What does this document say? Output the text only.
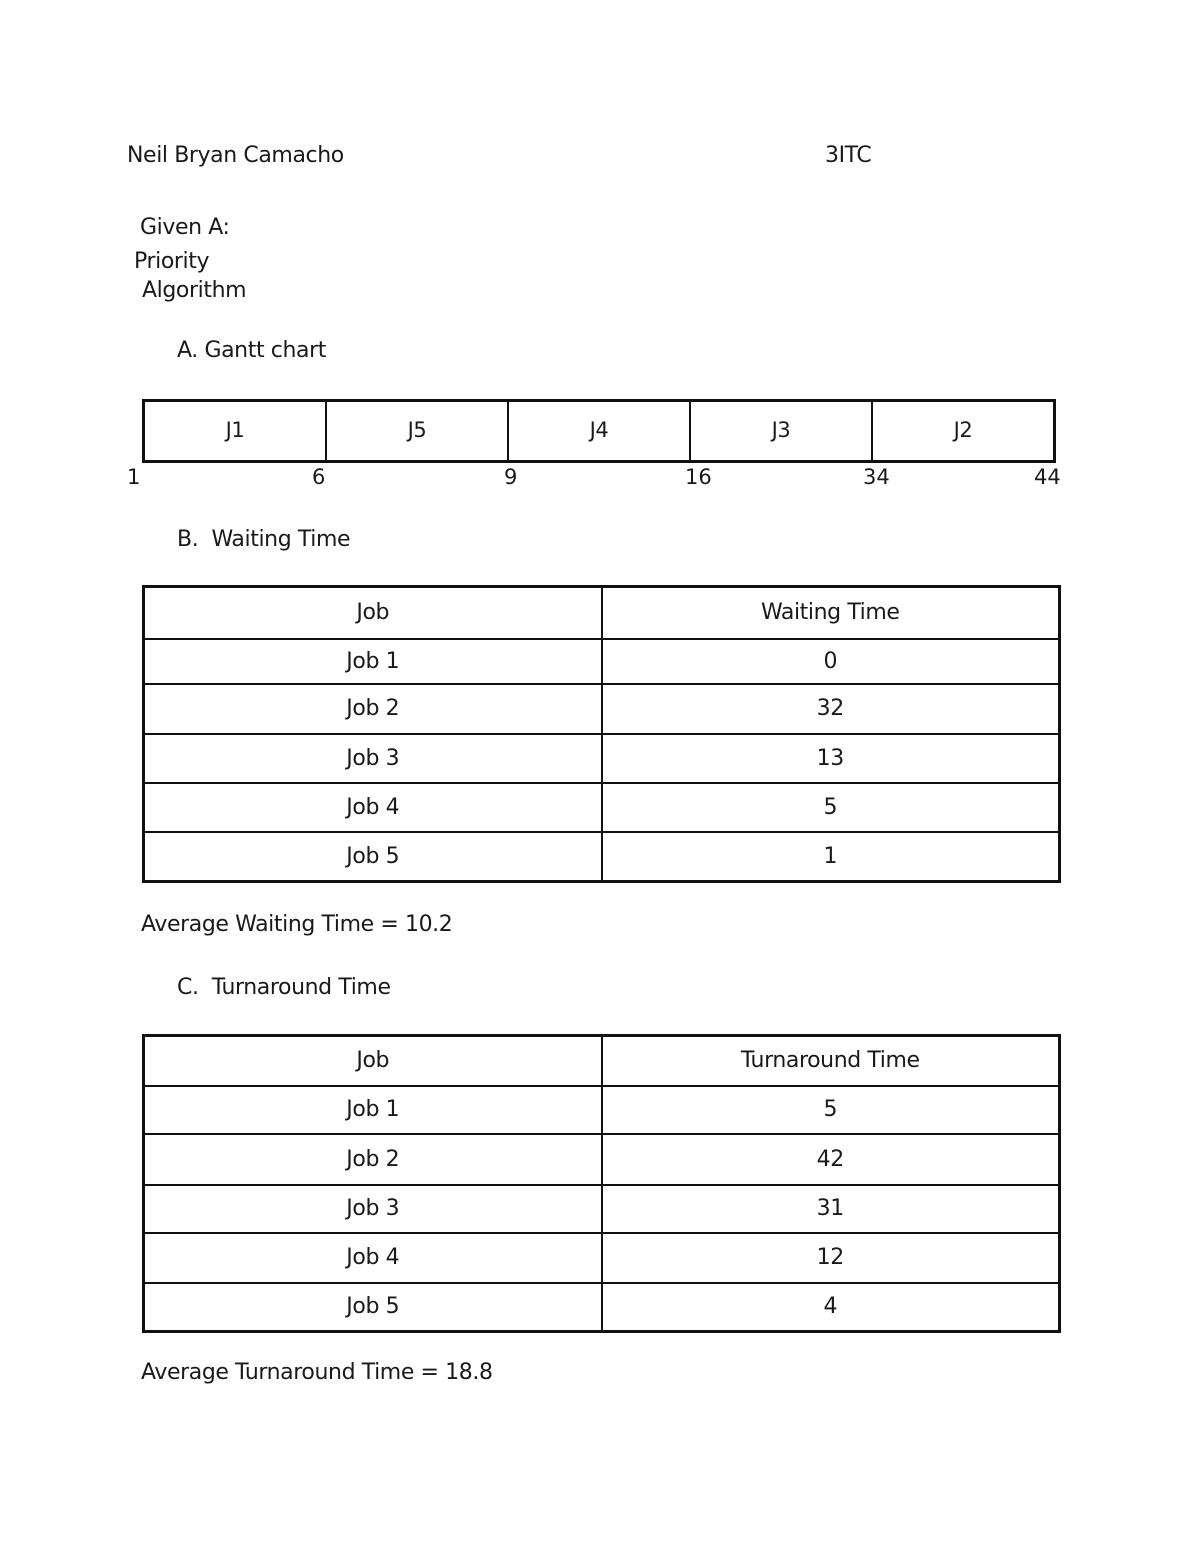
Neil Bryan Camacho	3ITC
Given A:
Priority
Algorithm
A. Gantt chart
J1	J5	J4	J3	J2
1	6	9	16	34	44
B. Waiting Time
Job	Waiting Time
Job 1	0
Job 2	32
Job 3	13
Job 4	5
Job 5	1
Average Waiting Time = 10.2
C. Turnaround Time
Job	Turnaround Time
Job 1	5
Job 2	42
Job 3	31
Job 4	12
Job 5	4
Average Turnaround Time = 18.8
